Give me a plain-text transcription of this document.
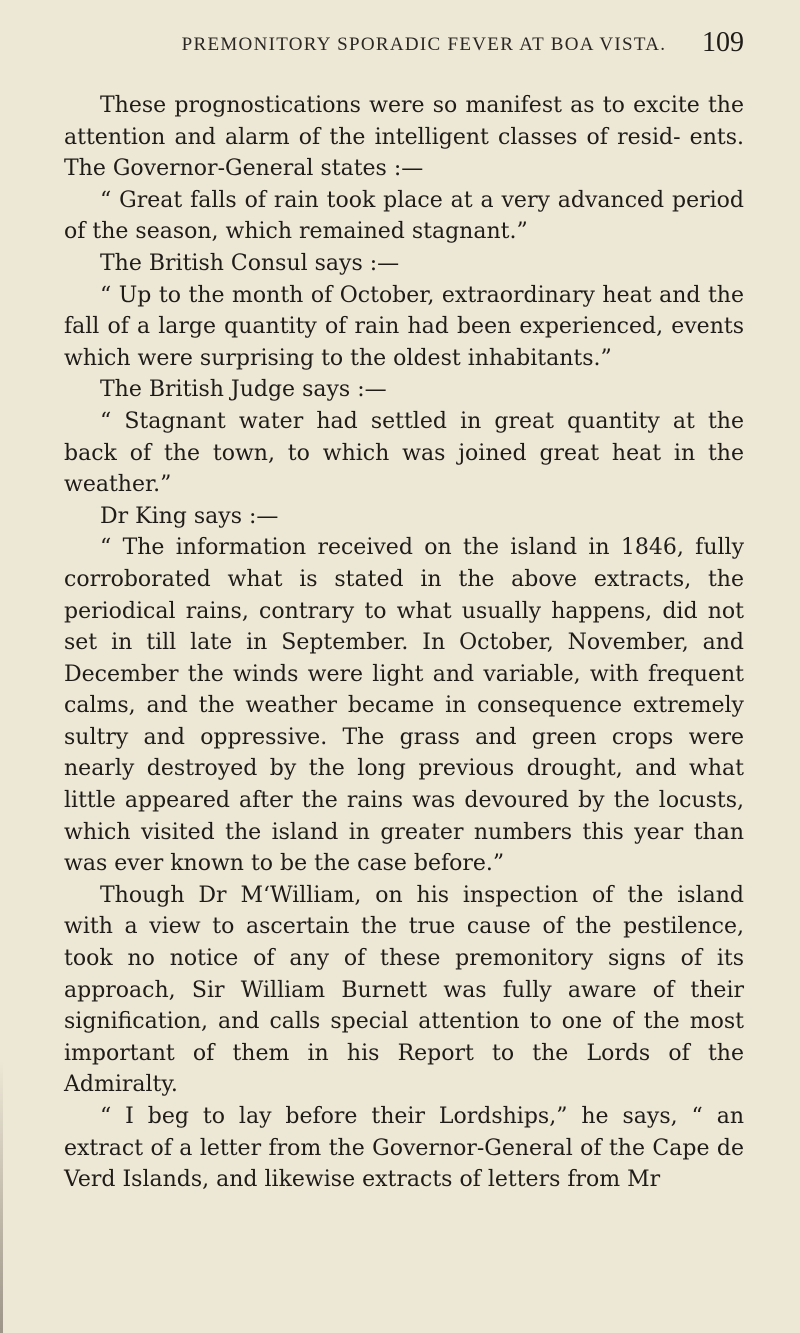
PREMONITORY SPORADIC FEVER AT BOA VISTA. 109

These prognostications were so manifest as to excite the attention and alarm of the intelligent classes of resid- ents. The Governor-General states :—

“ Great falls of rain took place at a very advanced period of the season, which remained stagnant.”

The British Consul says :—

“ Up to the month of October, extraordinary heat and the fall of a large quantity of rain had been experienced, events which were surprising to the oldest inhabitants.”

The British Judge says :—

“ Stagnant water had settled in great quantity at the back of the town, to which was joined great heat in the weather.”

Dr King says :—

“ The information received on the island in 1846, fully corroborated what is stated in the above extracts, the periodical rains, contrary to what usually happens, did not set in till late in September. In October, November, and December the winds were light and variable, with frequent calms, and the weather became in consequence extremely sultry and oppressive. The grass and green crops were nearly destroyed by the long previous drought, and what little appeared after the rains was devoured by the locusts, which visited the island in greater numbers this year than was ever known to be the case before.”

Though Dr M‘William, on his inspection of the island with a view to ascertain the true cause of the pestilence, took no notice of any of these premonitory signs of its approach, Sir William Burnett was fully aware of their signification, and calls special attention to one of the most important of them in his Report to the Lords of the Admiralty.

“ I beg to lay before their Lordships,” he says, “ an extract of a letter from the Governor-General of the Cape de Verd Islands, and likewise extracts of letters from Mr
